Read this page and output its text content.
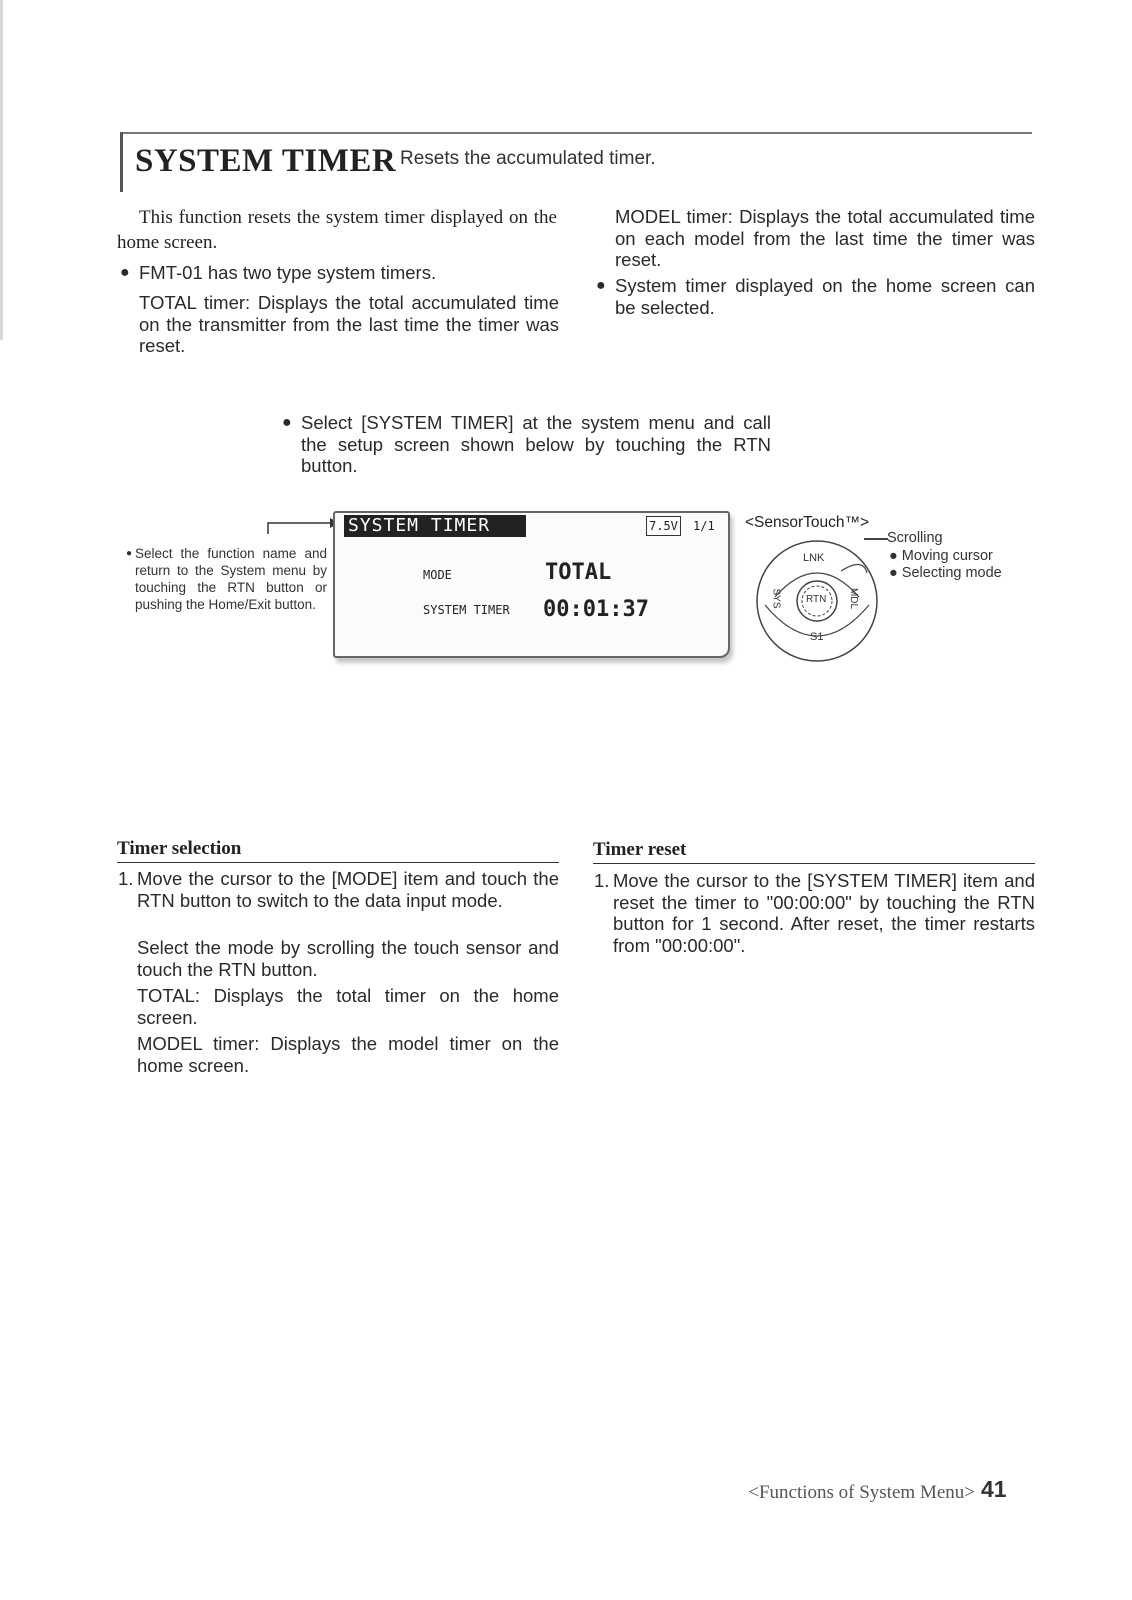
SYSTEM TIMER Resets the accumulated timer.
This function resets the system timer displayed on the home screen.
● FMT-01 has two type system timers.
TOTAL timer: Displays the total accumulated time on the transmitter from the last time the timer was reset.
MODEL timer: Displays the total accumulated time on each model from the last time the timer was reset.
● System timer displayed on the home screen can be selected.
● Select [SYSTEM TIMER] at the system menu and call the setup screen shown below by touching the RTN button.
● Select the function name and return to the System menu by touching the RTN button or pushing the Home/Exit button.
SYSTEM TIMER	7.5V 1/1
MODE	TOTAL
SYSTEM TIMER 00:01:37
<SensorTouch™>
LNK
RTN
SYS	MDL
S1
Scrolling
● Moving cursor
● Selecting mode
Timer selection
1. Move the cursor to the [MODE] item and touch the RTN button to switch to the data input mode.
Select the mode by scrolling the touch sensor and touch the RTN button.
TOTAL: Displays the total timer on the home screen.
MODEL timer: Displays the model timer on the home screen.
Timer reset
1. Move the cursor to the [SYSTEM TIMER] item and reset the timer to "00:00:00" by touching the RTN button for 1 second. After reset, the timer restarts from "00:00:00".
<Functions of System Menu> 41
